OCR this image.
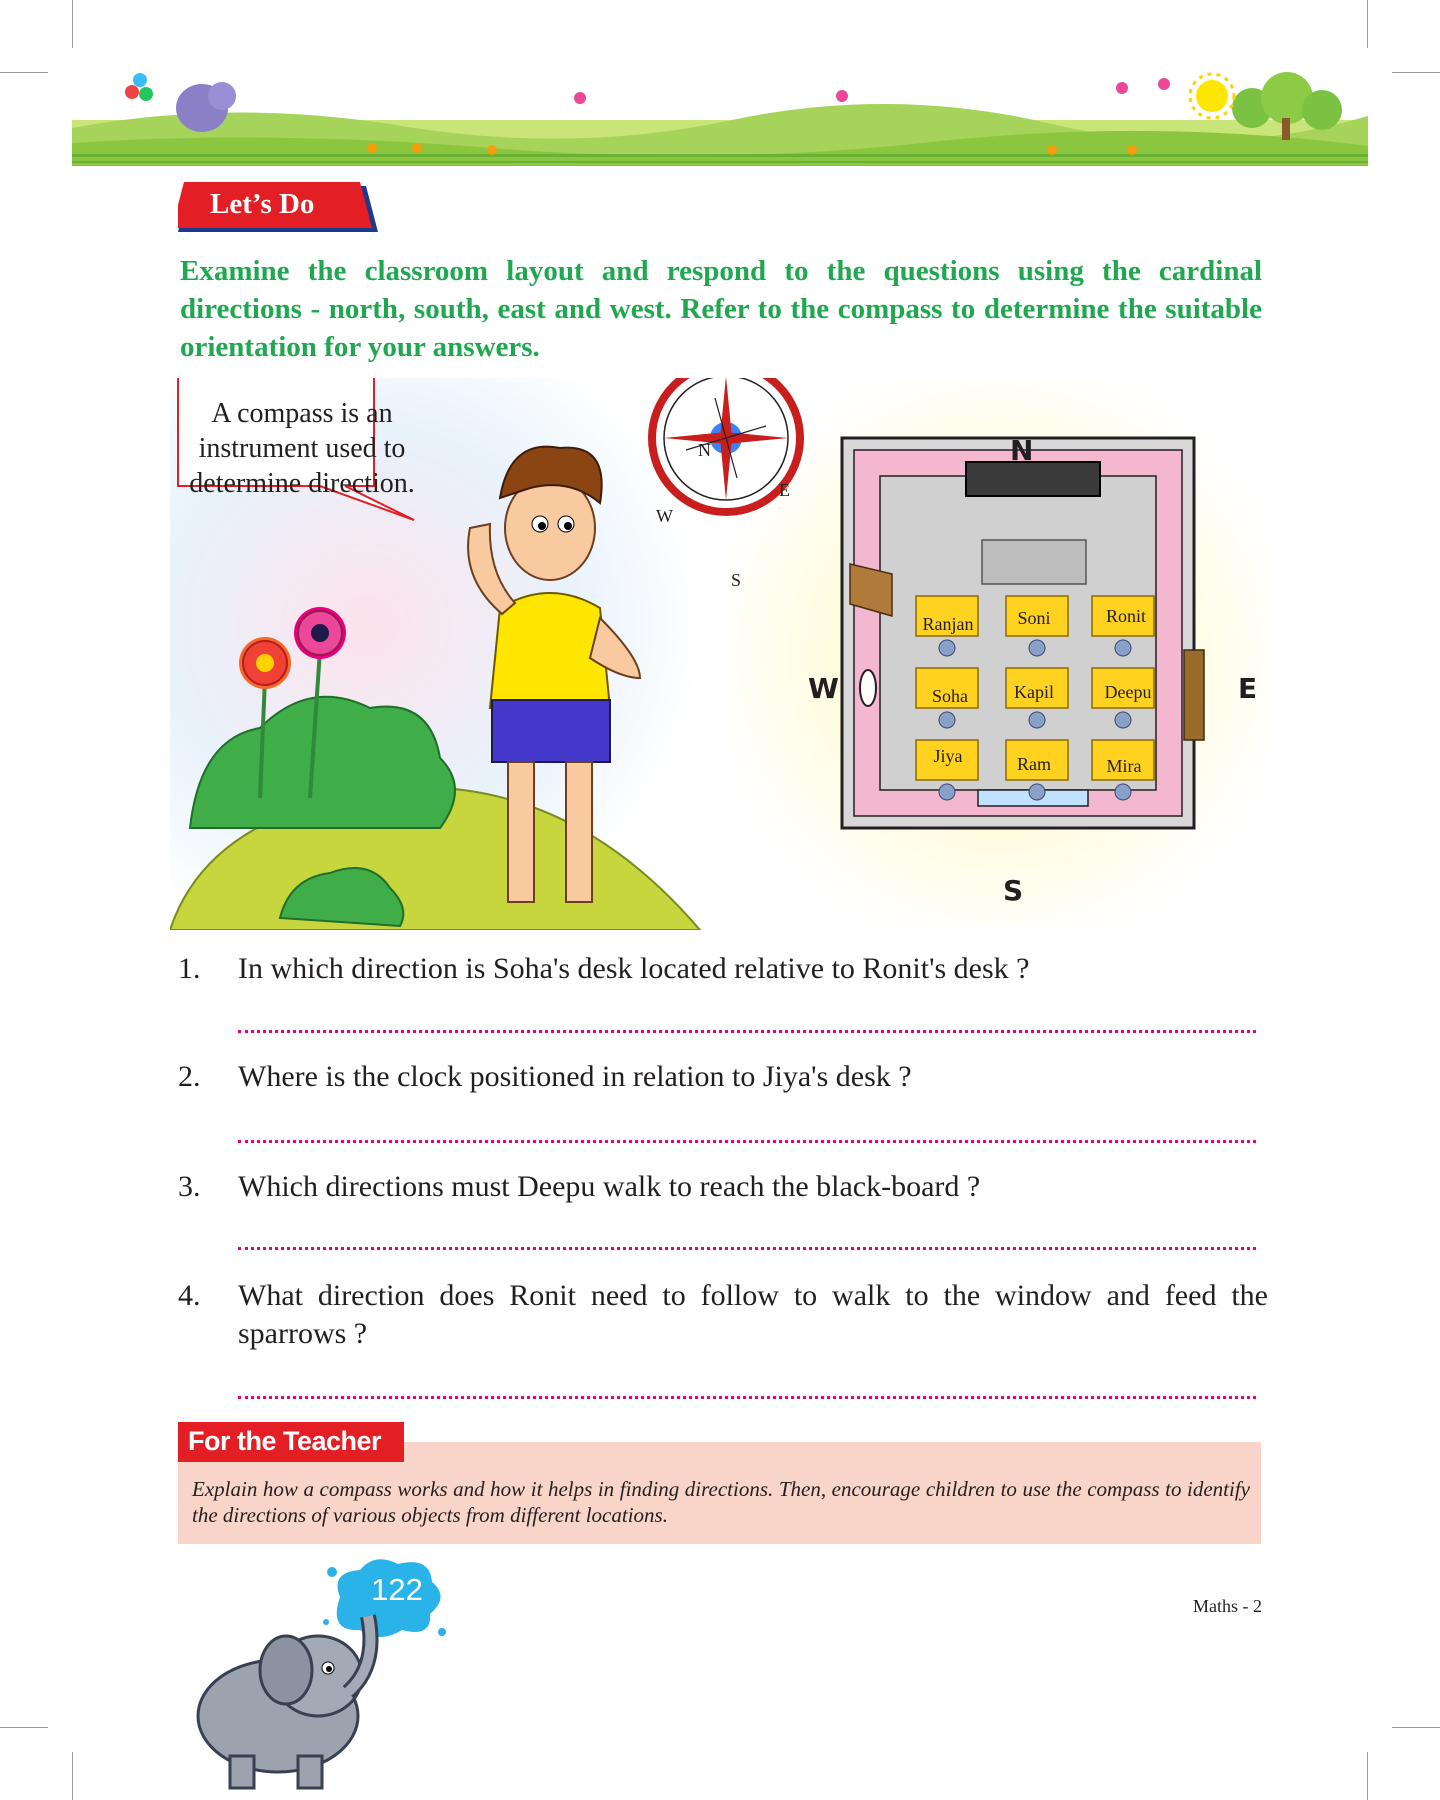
Let’s Do
Examine the classroom layout and respond to the questions using the cardinal directions - north, south, east and west. Refer to the compass to determine the suitable orientation for your answers.
A compass is an instrument used to determine direction.
N
E
W
S
N
S
W	E
Ranjan	Soni	Ronit
Soha	Kapil	Deepu
Jiya	Ram	Mira
1. In which direction is Soha's desk located relative to Ronit's desk ?
2. Where is the clock positioned in relation to Jiya's desk ?
3. Which directions must Deepu walk to reach the black-board ?
4. What direction does Ronit need to follow to walk to the window and feed the sparrows ?
For the Teacher
Explain how a compass works and how it helps in finding directions. Then, encourage children to use the compass to identify the directions of various objects from different locations.
122	Maths - 2
